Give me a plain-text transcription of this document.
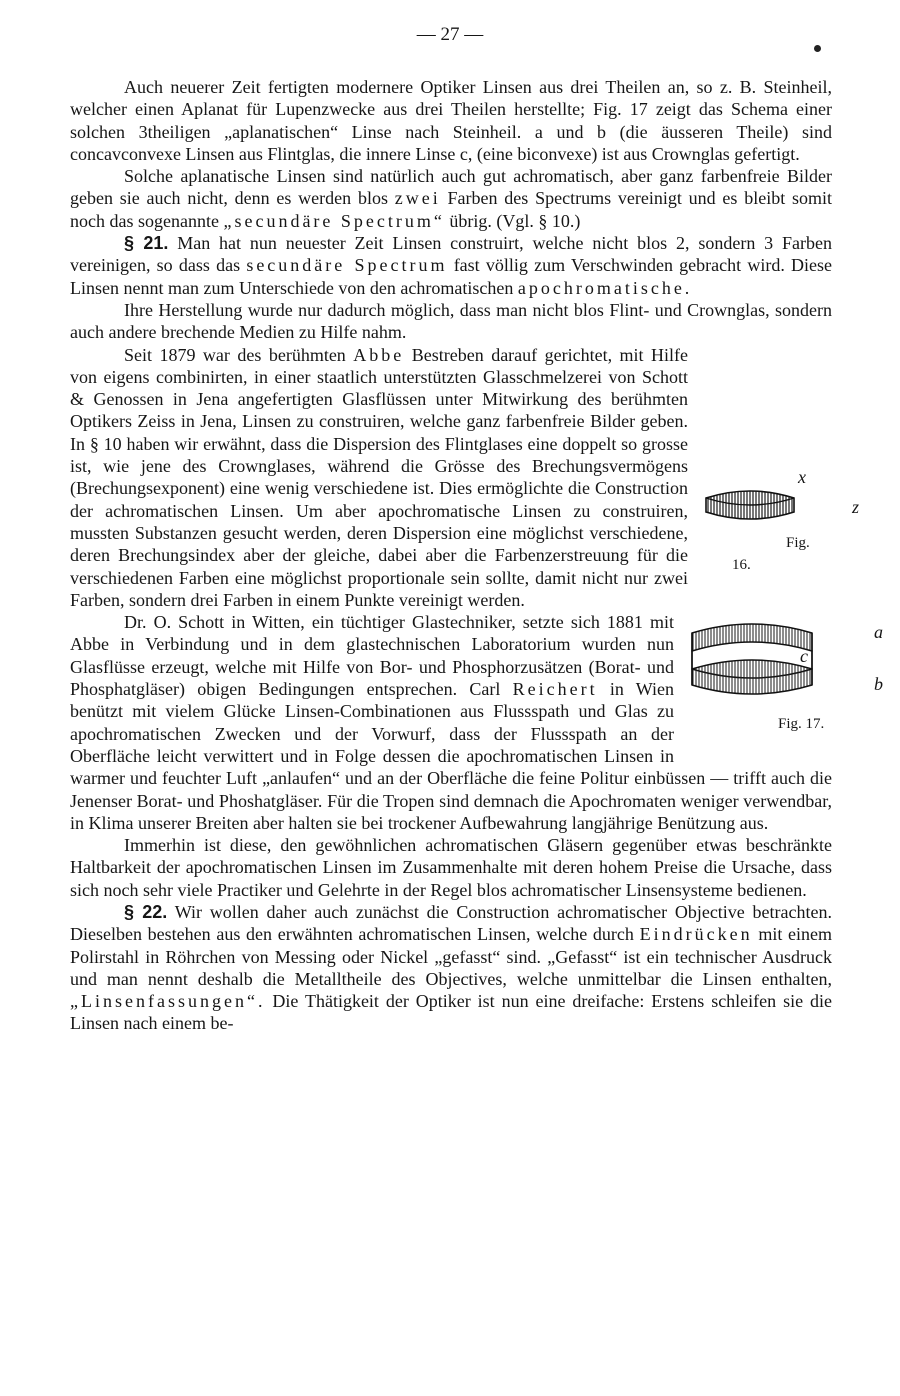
— 27 —

Auch neuerer Zeit fertigten modernere Optiker Linsen aus drei Theilen an, so z. B. Steinheil, welcher einen Aplanat für Lupenzwecke aus drei Theilen herstellte; Fig. 17 zeigt das Schema einer solchen 3theiligen „aplanatischen“ Linse nach Steinheil. a und b (die äusseren Theile) sind concavconvexe Linsen aus Flintglas, die innere Linse c, (eine biconvexe) ist aus Crownglas gefertigt.

Solche aplanatische Linsen sind natürlich auch gut achromatisch, aber ganz farbenfreie Bilder geben sie auch nicht, denn es werden blos zwei Farben des Spectrums vereinigt und es bleibt somit noch das sogenannte „secundäre Spectrum“ übrig. (Vgl. § 10.)

§ 21. Man hat nun neuester Zeit Linsen construirt, welche nicht blos 2, sondern 3 Farben vereinigen, so dass das secundäre Spectrum fast völlig zum Verschwinden gebracht wird. Diese Linsen nennt man zum Unterschiede von den achromatischen apochromatische.

Ihre Herstellung wurde nur dadurch möglich, dass man nicht blos Flint- und Crownglas, sondern auch andere brechende Medien zu Hilfe nahm.

x
z
Fig. 16.
Seit 1879 war des berühmten Abbe Bestreben darauf gerichtet, mit Hilfe von eigens combinirten, in einer staatlich unterstützten Glasschmelzerei von Schott & Genossen in Jena angefertigten Glasflüssen unter Mitwirkung des berühmten Optikers Zeiss in Jena, Linsen zu construiren, welche ganz farbenfreie Bilder geben. In § 10 haben wir erwähnt, dass die Dispersion des Flintglases eine doppelt so grosse ist, wie jene des Crownglases, während die Grösse des Brechungsvermögens (Brechungsexponent) eine wenig verschiedene ist. Dies ermöglichte die Construction der achromatischen Linsen. Um aber apochromatische Linsen zu construiren, mussten Substanzen gesucht werden, deren Dispersion eine möglichst verschiedene, deren Brechungsindex aber der gleiche, dabei aber die Farbenzerstreuung für die verschiedenen Farben eine möglichst proportionale sein sollte, damit nicht nur zwei Farben, sondern drei Farben in einem Punkte vereinigt werden.

a
c
b
Fig. 17.
Dr. O. Schott in Witten, ein tüchtiger Glastechniker, setzte sich 1881 mit Abbe in Verbindung und in dem glastechnischen Laboratorium wurden nun Glasflüsse erzeugt, welche mit Hilfe von Bor- und Phosphorzusätzen (Borat- und Phosphatgläser) obigen Bedingungen entsprechen. Carl Reichert in Wien benützt mit vielem Glücke Linsen-Combinationen aus Flussspath und Glas zu apochromatischen Zwecken und der Vorwurf, dass der Flussspath an der Oberfläche leicht verwittert und in Folge dessen die apochromatischen Linsen in warmer und feuchter Luft „anlaufen“ und an der Oberfläche die feine Politur einbüssen — trifft auch die Jenenser Borat- und Phoshatgläser. Für die Tropen sind demnach die Apochromaten weniger verwendbar, in Klima unserer Breiten aber halten sie bei trockener Aufbewahrung langjährige Benützung aus.

Immerhin ist diese, den gewöhnlichen achromatischen Gläsern gegenüber etwas beschränkte Haltbarkeit der apochromatischen Linsen im Zusammenhalte mit deren hohem Preise die Ursache, dass sich noch sehr viele Practiker und Gelehrte in der Regel blos achromatischer Linsensysteme bedienen.

§ 22. Wir wollen daher auch zunächst die Construction achromatischer Objective betrachten. Dieselben bestehen aus den erwähnten achromatischen Linsen, welche durch Eindrücken mit einem Polirstahl in Röhrchen von Messing oder Nickel „gefasst“ sind. „Gefasst“ ist ein technischer Ausdruck und man nennt deshalb die Metalltheile des Objectives, welche unmittelbar die Linsen enthalten, „Linsenfassungen“. Die Thätigkeit der Optiker ist nun eine dreifache: Erstens schleifen sie die Linsen nach einem be-
